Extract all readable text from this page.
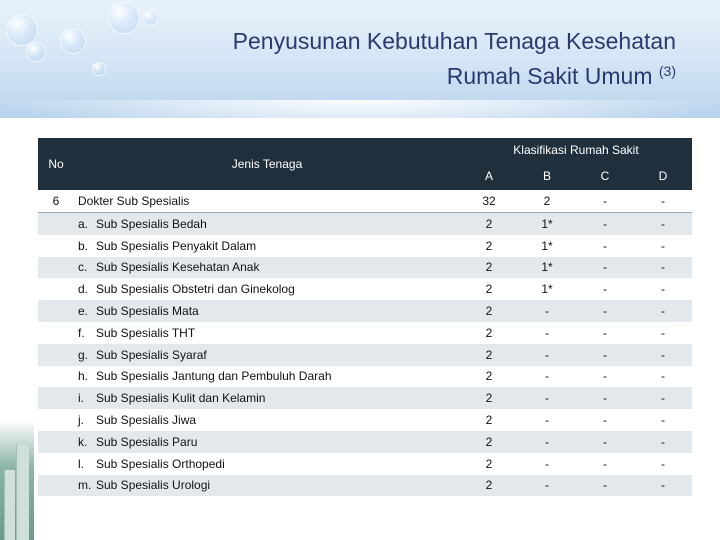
Penyusunan Kebutuhan Tenaga Kesehatan
Rumah Sakit Umum $^{(3)}$
No	Jenis Tenaga	Klasifikasi Rumah Sakit			
		A	B	C	D
6	Dokter Sub Spesialis	32	2	-	-
	a. Sub Spesialis Bedah	2	1*	-	-
	b. Sub Spesialis Penyakit Dalam	2	1*	-	-
	c. Sub Spesialis Kesehatan Anak	2	1*	-	-
	d. Sub Spesialis Obstetri dan Ginekolog	2	1*	-	-
	e. Sub Spesialis Mata	2	-	-	-
	f. Sub Spesialis THT	2	-	-	-
	g. Sub Spesialis Syaraf	2	-	-	-
	h. Sub Spesialis Jantung dan Pembuluh Darah	2	-	-	-
	i. Sub Spesialis Kulit dan Kelamin	2	-	-	-
	j. Sub Spesialis Jiwa	2	-	-	-
	k. Sub Spesialis Paru	2	-	-	-
	l. Sub Spesialis Orthopedi	2	-	-	-
	m. Sub Spesialis Urologi	2	-	-	-
